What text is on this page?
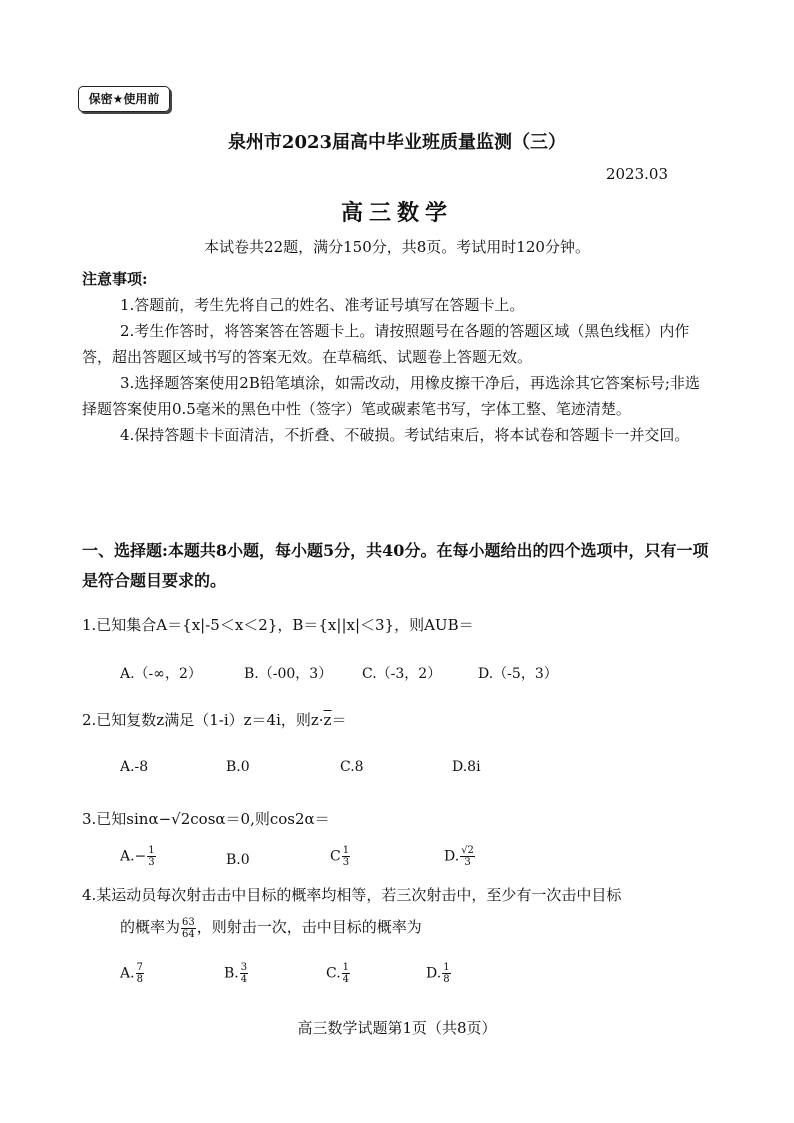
保密★使用前
泉州市2023届高中毕业班质量监测（三）
2023.03
高三数学
本试卷共22题，满分150分，共8页。考试用时120分钟。
注意事项:
1.答题前，考生先将自己的姓名、准考证号填写在答题卡上。
2.考生作答时，将答案答在答题卡上。请按照题号在各题的答题区域（黑色线框）内作答，超出答题区域书写的答案无效。在草稿纸、试题卷上答题无效。
3.选择题答案使用2B铅笔填涂，如需改动，用橡皮擦干净后，再选涂其它答案标号;非选择题答案使用0.5毫米的黑色中性（签字）笔或碳素笔书写，字体工整、笔迹清楚。
4.保持答题卡卡面清洁，不折叠、不破损。考试结束后，将本试卷和答题卡一并交回。
一、选择题:本题共8小题，每小题5分，共40分。在每小题给出的四个选项中，只有一项是符合题目要求的。
1.已知集合A＝{x|-5＜x＜2}，B＝{x||x|＜3}，则AUB＝
A.（-∞，2）	B.（-00，3） C.（-3，2）	D.（-5，3）
2.已知复数z满足（1-i）z＝4i，则$z\cdot\overline{z}=$
A.-8	B.0	C.8	D.8i
3.已知sinα−√2cosα＝0,则cos2α＝
$A.- \frac{1}{3}$	B.0	C $\frac{1}{3}$	D. $\frac{√2}{3}$
4.某运动员每次射击击中目标的概率均相等，若三次射击中，至少有一次击中目标
的概率为 $\frac{63}{64}$ ，则射击一次，击中目标的概率为
A. $\frac{7}{8}$	B. $\frac{3}{4}$	C. $\frac{1}{4}$	D. $\frac{1}{8}$
高三数学试题第1页（共8页）
